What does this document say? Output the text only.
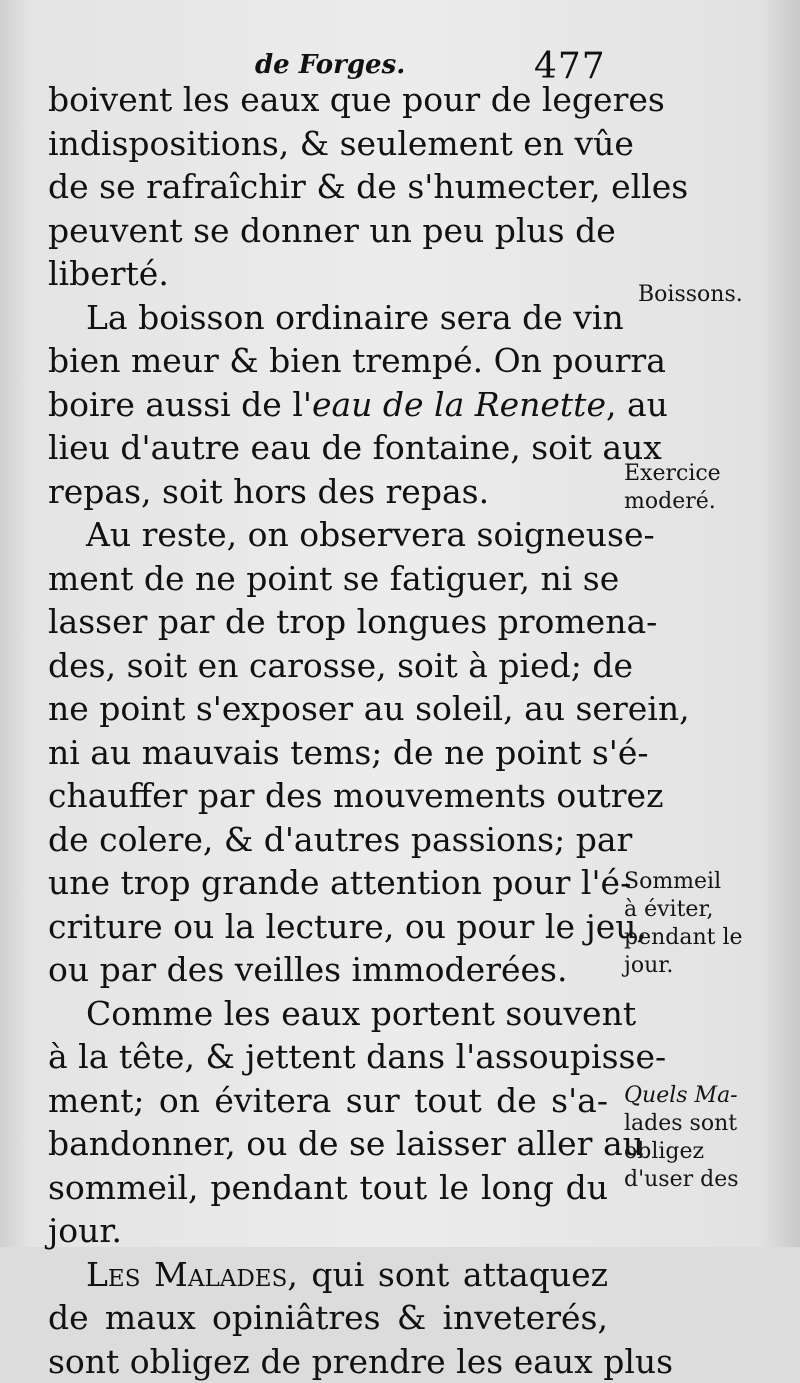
de Forges.	477
boivent les eaux que pour de legeres
indispositions, & seulement en vûe
de se rafraîchir & de s'humecter, elles
peuvent se donner un peu plus de
liberté.
La boisson ordinaire sera de vin
bien meur & bien trempé. On pourra
boire aussi de l'eau de la Renette, au
lieu d'autre eau de fontaine, soit aux
repas, soit hors des repas.
Au reste, on observera soigneuse-
ment de ne point se fatiguer, ni se
lasser par de trop longues promena-
des, soit en carosse, soit à pied; de
ne point s'exposer au soleil, au serein,
ni au mauvais tems; de ne point s'é-
chauffer par des mouvements outrez
de colere, & d'autres passions; par
une trop grande attention pour l'é-
criture ou la lecture, ou pour le jeu,
ou par des veilles immoderées.
Comme les eaux portent souvent
à la tête, & jettent dans l'assoupisse-
ment; on évitera sur tout de s'a-
bandonner, ou de se laisser aller au
sommeil, pendant tout le long du
jour.
Les Malades, qui sont attaquez
de maux opiniâtres & inveterés,
sont obligez de prendre les eaux plus
Boissons.
Exercice
moderé.
Sommeil
à éviter,
pendant le
jour.
Quels Ma-
lades sont
obligez
d'user des
